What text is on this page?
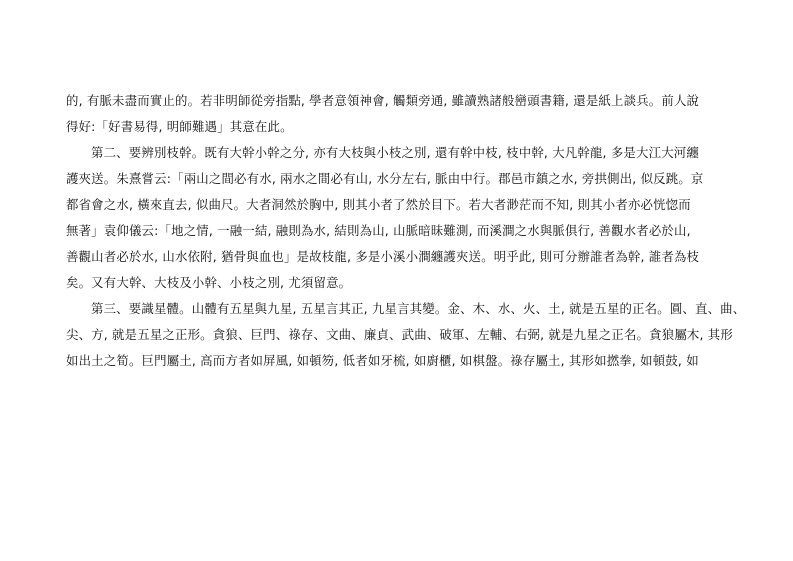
的, 有脈未盡而實止的。若非明師從旁指點, 學者意領神會, 觸類旁通, 雖讀熟諸般巒頭書籍, 還是紙上談兵。前人說
得好:「好書易得, 明師難遇」其意在此。
第二、要辨別枝幹。既有大幹小幹之分, 亦有大枝與小枝之別, 還有幹中枝, 枝中幹, 大凡幹龍, 多是大江大河纏
護夾送。朱熹嘗云:「兩山之間必有水, 兩水之間必有山, 水分左右, 脈由中行。郡邑市鎮之水, 旁拱側出, 似反跳。京
都省會之水, 橫來直去, 似曲尺。大者洞然於胸中, 則其小者了然於目下。若大者渺茫而不知, 則其小者亦必恍惚而
無著」袁仰儀云:「地之情, 一融一結, 融則為水, 結則為山, 山脈暗昧難測, 而溪澗之水與脈俱行, 善觀水者必於山,
善觀山者必於水, 山水依附, 猶骨與血也」是故枝龍, 多是小溪小澗纏護夾送。明乎此, 則可分辦誰者為幹, 誰者為枝
矣。又有大幹、大枝及小幹、小枝之別, 尤須留意。
第三、要識星體。山體有五星與九星, 五星言其正, 九星言其變。金、木、水、火、土, 就是五星的正名。圓、直、曲、
尖、方, 就是五星之正形。貪狼、巨門、祿存、文曲、廉貞、武曲、破軍、左輔、右弼, 就是九星之正名。貪狼屬木, 其形
如出土之筍。巨門屬土, 高而方者如屏風, 如頓笏, 低者如牙梳, 如廚櫃, 如棋盤。祿存屬土, 其形如撚拳, 如頓鼓, 如
